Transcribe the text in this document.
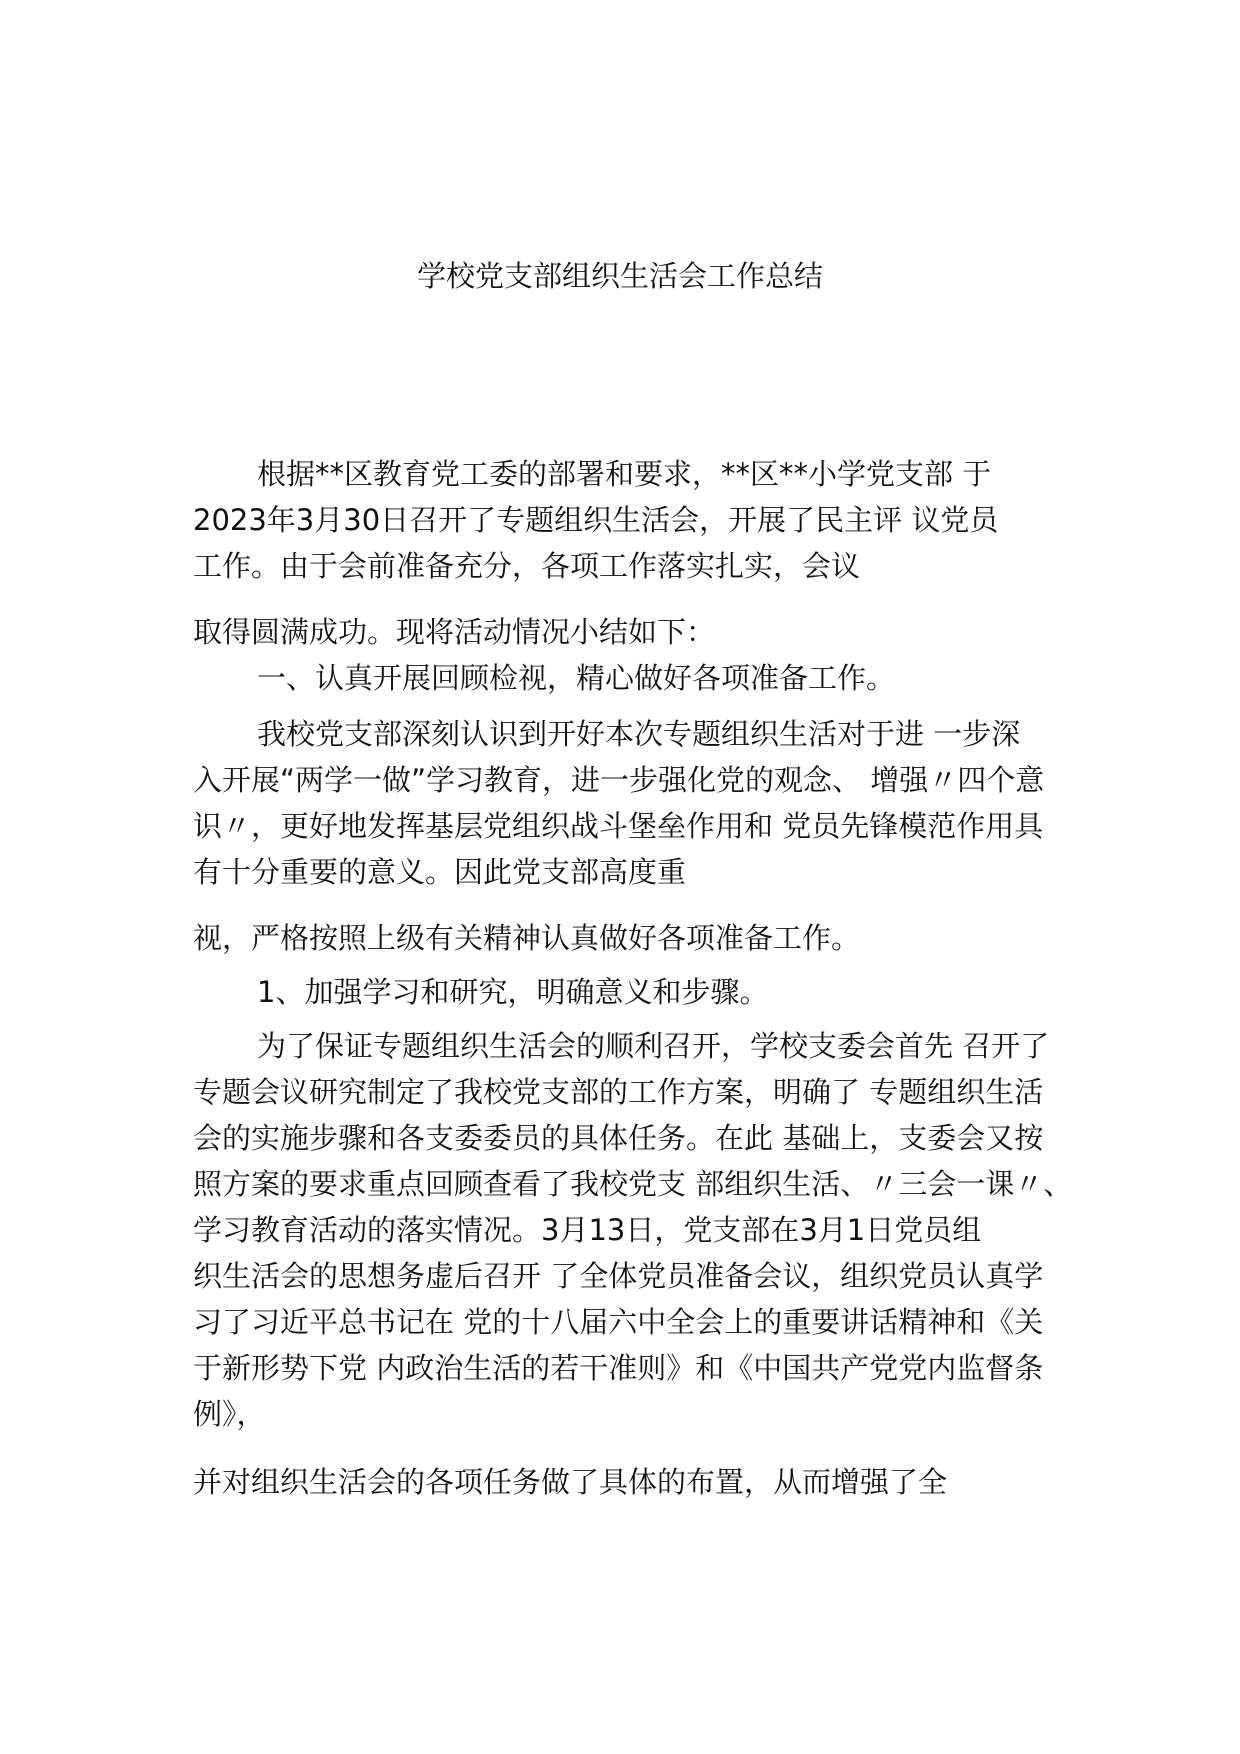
学校党支部组织生活会工作总结
根据**区教育党工委的部署和要求，**区**小学党支部 于
2023年3月30日召开了专题组织生活会，开展了民主评 议党员
工作。由于会前准备充分，各项工作落实扎实，会议
取得圆满成功。现将活动情况小结如下：
一、认真开展回顾检视，精心做好各项准备工作。
我校党支部深刻认识到开好本次专题组织生活对于进 一步深
入开展“两学一做”学习教育，进一步强化党的观念、 增强〃四个意
识〃，更好地发挥基层党组织战斗堡垒作用和 党员先锋模范作用具
有十分重要的意义。因此党支部高度重
视，严格按照上级有关精神认真做好各项准备工作。
1、加强学习和研究，明确意义和步骤。
为了保证专题组织生活会的顺利召开，学校支委会首先 召开了
专题会议研究制定了我校党支部的工作方案，明确了 专题组织生活
会的实施步骤和各支委委员的具体任务。在此 基础上，支委会又按
照方案的要求重点回顾查看了我校党支 部组织生活、〃三会一课〃、
学习教育活动的落实情况。3月13日，党支部在3月1日党员组
织生活会的思想务虚后召开 了全体党员准备会议，组织党员认真学
习了习近平总书记在 党的十八届六中全会上的重要讲话精神和《关
于新形势下党 内政治生活的若干准则》和《中国共产党党内监督条
例》，
并对组织生活会的各项任务做了具体的布置，从而增强了全
